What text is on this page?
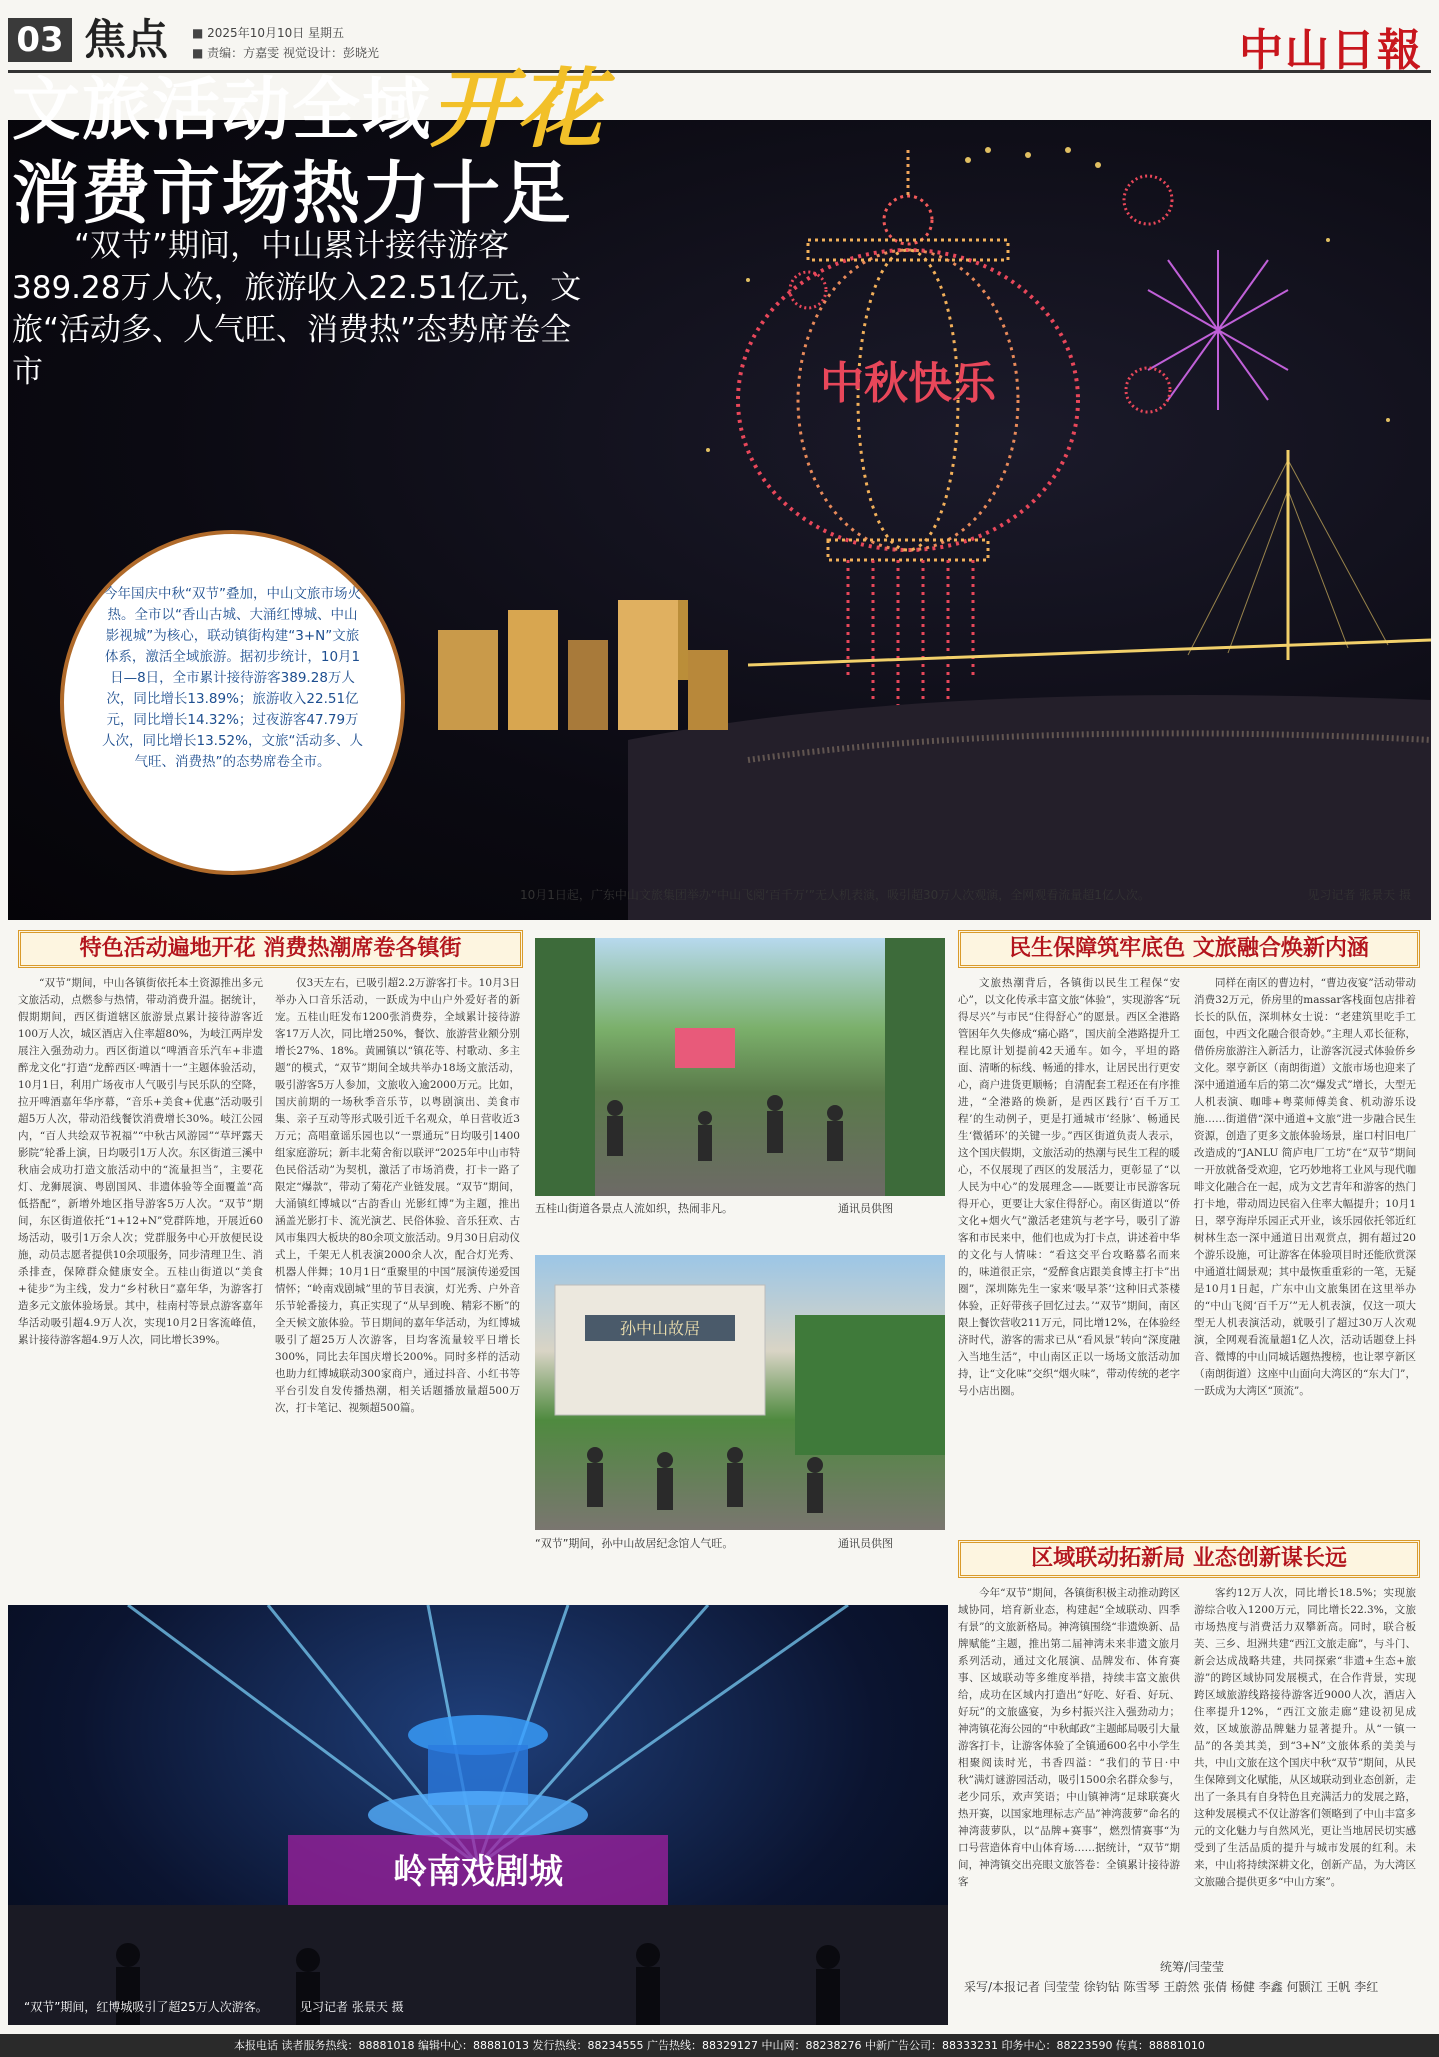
03 焦点 ■ 2025年10月10日 星期五
■ 责编：方嘉雯 视觉设计：彭晓光	中山日報
中秋快乐
文旅活动全域
开花
消费市场热力十足
“双节”期间，中山累计接待游客389.28万人次，旅游收入22.51亿元，文旅“活动多、人气旺、消费热”态势席卷全市
今年国庆中秋“双节”叠加，中山文旅市场火热。全市以“香山古城、大涌红博城、中山影视城”为核心，联动镇街构建“3+N”文旅体系，激活全域旅游。据初步统计，10月1日—8日，全市累计接待游客389.28万人次，同比增长13.89%；旅游收入22.51亿元，同比增长14.32%；过夜游客47.79万人次，同比增长13.52%，文旅“活动多、人气旺、消费热”的态势席卷全市。
10月1日起，广东中山文旅集团举办“中山飞阅‘百千万’”无人机表演，吸引超30万人次观演，全网观看流量超1亿人次。	见习记者 张景天 摄
特色活动遍地开花 消费热潮席卷各镇街	民生保障筑牢底色 文旅融合焕新内涵
区域联动拓新局 业态创新谋长远
“双节”期间，中山各镇街依托本土资源推出多元文旅活动，点燃参与热情，带动消费升温。据统计，假期期间，西区街道辖区旅游景点累计接待游客近100万人次，城区酒店入住率超80%，为岐江两岸发展注入强劲动力。西区街道以“啤酒音乐汽车+非遗醉龙文化”打造“龙醉西区·啤酒十一”主题体验活动，10月1日，利用广场夜市人气吸引与民乐队的空降，拉开啤酒嘉年华序幕，“音乐+美食+优惠”活动吸引超5万人次，带动沿线餐饮消费增长30%。岐江公园内，“百人共绘双节祝福”“中秋古风游园”“草坪露天影院”轮番上演，日均吸引1万人次。东区街道三溪中秋庙会成功打造文旅活动中的“流量担当”，主要花灯、龙狮展演、粤剧国风、非遗体验等全面覆盖“高低搭配”，新增外地区指导游客5万人次。“双节”期间，东区街道依托“1+12+N”党群阵地，开展近60场活动，吸引1万余人次；党群服务中心开放便民设施，动员志愿者提供10余项服务，同步清理卫生、消杀排查，保障群众健康安全。五桂山街道以“美食+徒步”为主线，发力“乡村秋日”嘉年华，为游客打造多元文旅体验场景。其中，桂南村等景点游客嘉年华活动吸引超4.9万人次，实现10月2日客流峰值，累计接待游客超4.9万人次，同比增长39%。
仅3天左右，已吸引超2.2万游客打卡。10月3日举办入口音乐活动，一跃成为中山户外爱好者的新宠。五桂山旺发布1200张消费券，全域累计接待游客17万人次，同比增250%，餐饮、旅游营业额分别增长27%、18%。黄圃镇以“镇花等、村歌动、多主题”的模式，“双节”期间全域共举办18场文旅活动，吸引游客5万人参加，文旅收入逾2000万元。比如，国庆前期的一场秋季音乐节，以粤剧演出、美食市集、亲子互动等形式吸引近千名观众，单日营收近3万元；高唱童谣乐园也以“一票通玩”日均吸引1400组家庭游玩；新丰北菊舍衔以联评“2025年中山市特色民俗活动”为契机，激活了市场消费，打卡一路了限定“爆款”，带动了菊花产业链发展。“双节”期间，大涌镇红博城以“古韵香山 光影红博”为主题，推出涵盖光影打卡、流光演艺、民俗体验、音乐狂欢、古风市集四大板块的80余项文旅活动。9月30日启动仪式上，千架无人机表演2000余人次，配合灯光秀、机器人伴舞；10月1日“重聚里的中国”展演传递爱国情怀；“岭南戏剧城”里的节目表演，灯光秀、户外音乐节轮番接力，真正实现了“从早到晚、精彩不断”的全天候文旅体验。节日期间的嘉年华活动，为红博城吸引了超25万人次游客，目均客流量较平日增长300%，同比去年国庆增长200%。同时多样的活动也助力红博城联动300家商户，通过抖音、小红书等平台引发自发传播热潮，相关话题播放量超500万次，打卡笔记、视频超500篇。
文旅热潮背后，各镇街以民生工程保“安心”，以文化传承丰富文旅“体验”，实现游客“玩得尽兴”与市民“住得舒心”的愿景。西区全港路管困年久失修成“痛心路”，国庆前全港路提升工程比原计划提前42天通车。如今，平坦的路面、清晰的标线、畅通的排水，让居民出行更安心，商户进货更顺畅；自清配套工程还在有序推进，“全港路的焕新，是西区践行‘百千万工程’的生动例子，更是打通城市‘经脉’、畅通民生‘微循环’的关键一步。”西区街道负责人表示，这个国庆假期，文旅活动的热潮与民生工程的暖心，不仅展现了西区的发展活力，更彰显了“以人民为中心”的发展理念——既要让市民游客玩得开心，更要让大家住得舒心。南区街道以“侨文化+烟火气”激活老建筑与老字号，吸引了游客和市民来中，他们也成为打卡点，讲述着中华的文化与人情味：“看这交平台攻略慕名而来的，味道很正宗，“爱醉食店跟美食博主打卡”出圈”，深圳陈先生一家来‘吸早茶’‘这种旧式茶楼体验，正好带孩子回忆过去。’“双节”期间，南区限上餐饮营收211万元，同比增12%，在体验经济时代，游客的需求已从“看风景”转向“深度融入当地生活”，中山南区正以一场场文旅活动加持，让“文化味”交织“烟火味”，带动传统的老字号小店出圈。
同样在南区的曹边村，“曹边夜宴”活动带动消费32万元，侨房里的massar客栈面包店排着长长的队伍，深圳林女士说：“老建筑里吃手工面包，中西文化融合很奇妙。”主理人邓长征称，借侨房旅游注入新活力，让游客沉浸式体验侨乡文化。翠亨新区（南朗街道）文旅市场也迎来了深中通道通车后的第二次“爆发式”增长，大型无人机表演、咖啡+粤菜师傅美食、机动游乐设施……街道借“深中通道+文旅”进一步融合民生资源，创造了更多文旅体验场景，崖口村旧电厂改造成的“JANLU 简庐电厂工坊”在“双节”期间一开放就备受欢迎，它巧妙地将工业风与现代咖啡文化融合在一起，成为文艺青年和游客的热门打卡地，带动周边民宿入住率大幅提升；10月1日，翠亨海岸乐园正式开业，该乐园依托邻近红树林生态一深中通道日出观赏点，拥有超过20个游乐设施，可让游客在体验项目时还能欣赏深中通道壮阔景观；其中最恢重重彩的一笔，无疑是10月1日起，广东中山文旅集团在这里举办的“中山飞阅‘百千万’”无人机表演，仅这一项大型无人机表演活动，就吸引了超过30万人次观演，全网观看流量超1亿人次，活动话题登上抖音、微博的中山同城话题热搜榜，也让翠亨新区（南朗街道）这座中山面向大湾区的“东大门”，一跃成为大湾区“顶流”。
今年“双节”期间，各镇街积极主动推动跨区域协同，培育新业态，构建起“全域联动、四季有景”的文旅新格局。神湾镇围绕“非遗焕新、品牌赋能”主题，推出第二届神湾未来非遗文旅月系列活动，通过文化展演、品牌发布、体育赛事、区域联动等多维度举措，持续丰富文旅供给，成功在区域内打造出“好吃、好看、好玩、好玩”的文旅盛宴，为乡村振兴注入强劲动力；神湾镇花海公园的“中秋邮政”主题邮局吸引大量游客打卡，让游客体验了全镇通600名中小学生相聚阅读时光，书香四溢：“我们的节日·中秋”满灯谜游园活动，吸引1500余名群众参与，老少同乐，欢声笑语；中山镇神湾“足球联赛火热开赛，以国家地理标志产品”神湾菠萝”命名的神湾菠萝队，以“品牌+赛事”，燃烈情赛事“为口号营造体育中山体育场……据统计，“双节”期间，神湾镇交出亮眼文旅答卷：全镇累计接待游客
客约12万人次，同比增长18.5%；实现旅游综合收入1200万元，同比增长22.3%，文旅市场热度与消费活力双攀新高。同时，联合板芙、三乡、坦洲共建“西江文旅走廊”，与斗门、新会达成战略共建，共同探索“非遗+生态+旅游”的跨区域协同发展模式，在合作背景，实现跨区域旅游线路接待游客近9000人次，酒店入住率提升12%，“西江文旅走廊”建设初见成效，区域旅游品牌魅力显著提升。从“一镇一品”的各美其美，到“3+N”文旅体系的美美与共，中山文旅在这个国庆中秋“双节”期间，从民生保障到文化赋能，从区域联动到业态创新，走出了一条具有自身特色且充满活力的发展之路，这种发展模式不仅让游客们领略到了中山丰富多元的文化魅力与自然风光，更让当地居民切实感受到了生活品质的提升与城市发展的红利。未来，中山将持续深耕文化，创新产品，为大湾区文旅融合提供更多“中山方案”。
五桂山街道各景点人流如织，热闹非凡。	通讯员供图
孙中山故居
“双节”期间，孙中山故居纪念馆人气旺。	通讯员供图
岭南戏剧城
“双节”期间，红博城吸引了超25万人次游客。	见习记者 张景天 摄
统筹/闫莹莹
采写/本报记者 闫莹莹 徐钧钻 陈雪琴 王蔚然 张倩 杨健 李鑫 何颢江 王帆 李红
本报电话 读者服务热线：88881018 编辑中心：88881013 发行热线：88234555 广告热线：88329127 中山网：88238276 中新广告公司：88333231 印务中心：88223590 传真：88881010
